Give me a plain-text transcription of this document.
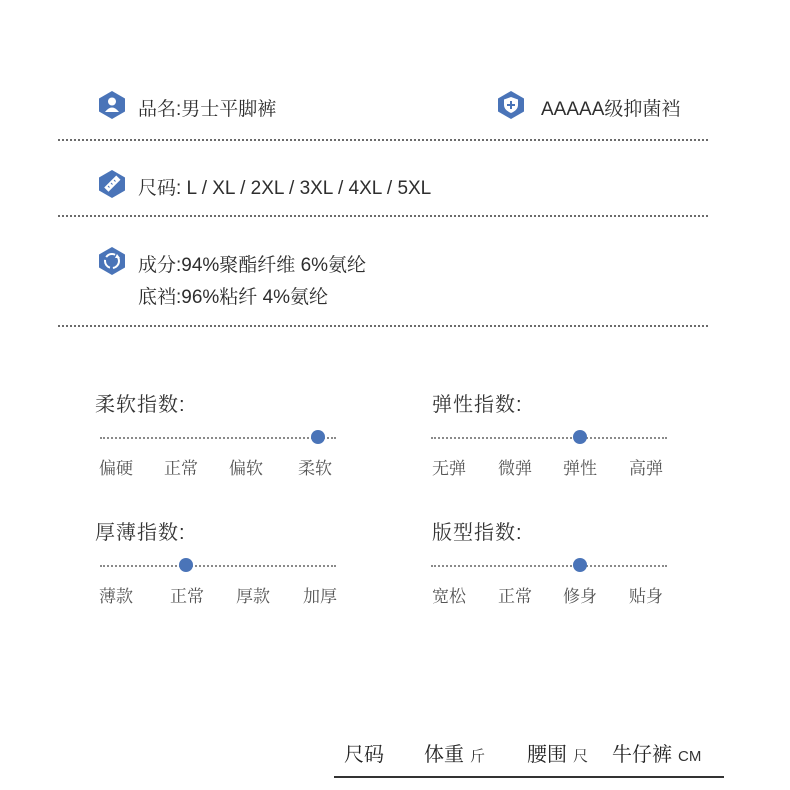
品名:男士平脚裤	AAAAA级抑菌裆
尺码: L / XL / 2XL / 3XL / 4XL / 5XL
成分:94%聚酯纤维 6%氨纶
底裆:96%粘纤 4%氨纶
柔软指数:	弹性指数:
厚薄指数:	版型指数:
偏硬 正常 偏软 柔软	无弹 微弹 弹性 高弹
薄款 正常 厚款 加厚	宽松 正常 修身 贴身
尺码 体重 斤 腰围 尺 牛仔裤 CM
